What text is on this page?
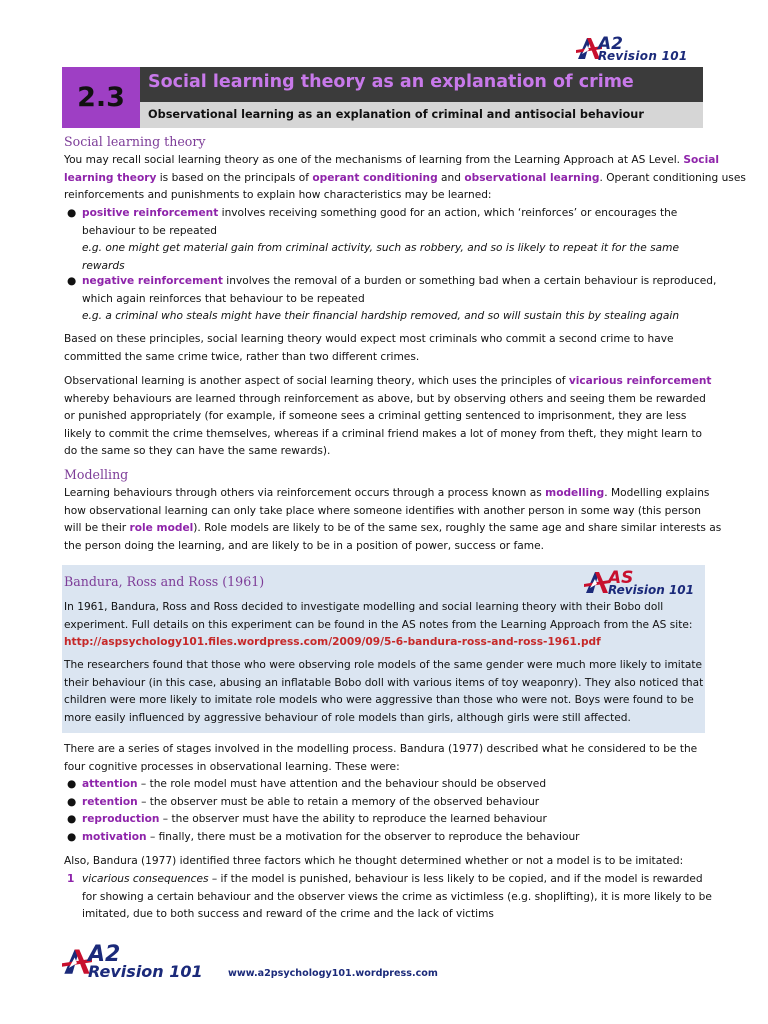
A2
Revision 101
2.3	Social learning theory as an explanation of crime
Observational learning as an explanation of criminal and antisocial behaviour
Social learning theory
You may recall social learning theory as one of the mechanisms of learning from the Learning Approach at AS Level. Social
learning theory is based on the principals of operant conditioning and observational learning. Operant conditioning uses
reinforcements and punishments to explain how characteristics may be learned:
● positive reinforcement involves receiving something good for an action, which ‘reinforces’ or encourages the
behaviour to be repeated
e.g. one might get material gain from criminal activity, such as robbery, and so is likely to repeat it for the same
rewards
● negative reinforcement involves the removal of a burden or something bad when a certain behaviour is reproduced,
which again reinforces that behaviour to be repeated
e.g. a criminal who steals might have their financial hardship removed, and so will sustain this by stealing again
Based on these principles, social learning theory would expect most criminals who commit a second crime to have
committed the same crime twice, rather than two different crimes.
Observational learning is another aspect of social learning theory, which uses the principles of vicarious reinforcement
whereby behaviours are learned through reinforcement as above, but by observing others and seeing them be rewarded
or punished appropriately (for example, if someone sees a criminal getting sentenced to imprisonment, they are less
likely to commit the crime themselves, whereas if a criminal friend makes a lot of money from theft, they might learn to
do the same so they can have the same rewards).
Modelling
Learning behaviours through others via reinforcement occurs through a process known as modelling. Modelling explains
how observational learning can only take place where someone identifies with another person in some way (this person
will be their role model). Role models are likely to be of the same sex, roughly the same age and share similar interests as
the person doing the learning, and are likely to be in a position of power, success or fame.
Bandura, Ross and Ross (1961)	AS
Revision 101
In 1961, Bandura, Ross and Ross decided to investigate modelling and social learning theory with their Bobo doll
experiment. Full details on this experiment can be found in the AS notes from the Learning Approach from the AS site:
http://aspsychology101.files.wordpress.com/2009/09/5-6-bandura-ross-and-ross-1961.pdf
The researchers found that those who were observing role models of the same gender were much more likely to imitate
their behaviour (in this case, abusing an inflatable Bobo doll with various items of toy weaponry). They also noticed that
children were more likely to imitate role models who were aggressive than those who were not. Boys were found to be
more easily influenced by aggressive behaviour of role models than girls, although girls were still affected.
There are a series of stages involved in the modelling process. Bandura (1977) described what he considered to be the
four cognitive processes in observational learning. These were:
● attention – the role model must have attention and the behaviour should be observed
● retention – the observer must be able to retain a memory of the observed behaviour
● reproduction – the observer must have the ability to reproduce the learned behaviour
● motivation – finally, there must be a motivation for the observer to reproduce the behaviour
Also, Bandura (1977) identified three factors which he thought determined whether or not a model is to be imitated:
1 vicarious consequences – if the model is punished, behaviour is less likely to be copied, and if the model is rewarded
for showing a certain behaviour and the observer views the crime as victimless (e.g. shoplifting), it is more likely to be
imitated, due to both success and reward of the crime and the lack of victims
A2
Revision 101	www.a2psychology101.wordpress.com
